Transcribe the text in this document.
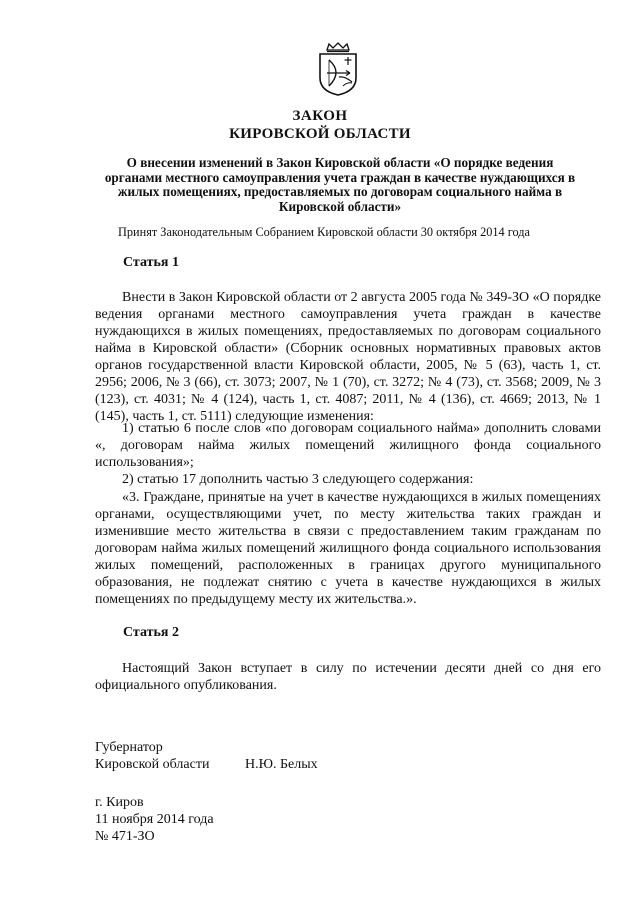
ЗАКОН
КИРОВСКОЙ ОБЛАСТИ
О внесении изменений в Закон Кировской области «О порядке ведения органами местного самоуправления учета граждан в качестве нуждающихся в жилых помещениях, предоставляемых по договорам социального найма в Кировской области»
Принят Законодательным Собранием Кировской области 30 октября 2014 года
Статья 1
Внести в Закон Кировской области от 2 августа 2005 года № 349-ЗО «О порядке ведения органами местного самоуправления учета граждан в качестве нуждающихся в жилых помещениях, предоставляемых по договорам социального найма в Кировской области» (Сборник основных нормативных правовых актов органов государственной власти Кировской области, 2005, № 5 (63), часть 1, ст. 2956; 2006, № 3 (66), ст. 3073; 2007, № 1 (70), ст. 3272; № 4 (73), ст. 3568; 2009, № 3 (123), ст. 4031; № 4 (124), часть 1, ст. 4087; 2011, № 4 (136), ст. 4669; 2013, № 1 (145), часть 1, ст. 5111) следующие изменения:
1) статью 6 после слов «по договорам социального найма» дополнить словами «, договорам найма жилых помещений жилищного фонда социального использования»;
2) статью 17 дополнить частью 3 следующего содержания:
«3. Граждане, принятые на учет в качестве нуждающихся в жилых помещениях органами, осуществляющими учет, по месту жительства таких граждан и изменившие место жительства в связи с предоставлением таким гражданам по договорам найма жилых помещений жилищного фонда социального использования жилых помещений, расположенных в границах другого муниципального образования, не подлежат снятию с учета в качестве нуждающихся в жилых помещениях по предыдущему месту их жительства.».
Статья 2
Настоящий Закон вступает в силу по истечении десяти дней со дня его официального опубликования.
Губернатор
Кировской области	Н.Ю. Белых
г. Киров
11 ноября 2014 года
№ 471-ЗО
